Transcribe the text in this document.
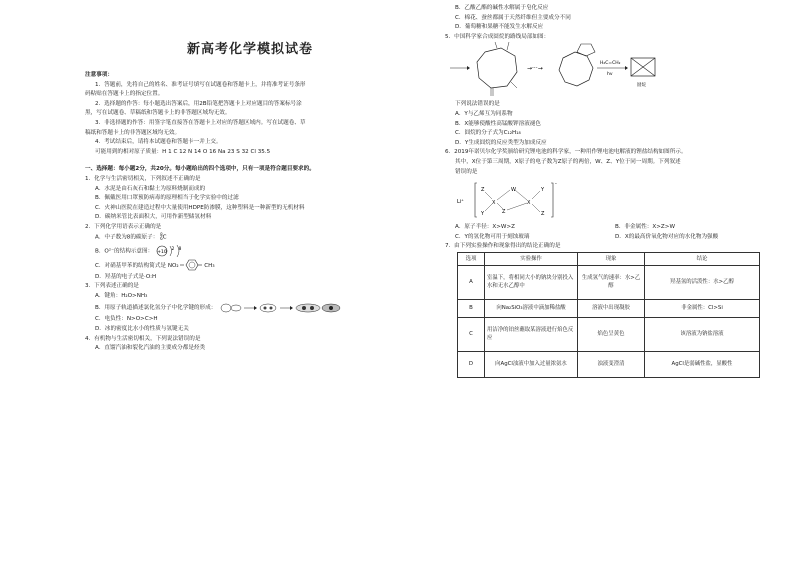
新高考化学模拟试卷
注意事项：
1．答题前，先将自己的姓名、准考证号填写在试题卷和答题卡上，并将准考证号条形
码粘贴在答题卡上的指定位置。
2．选择题的作答：每小题选出答案后，用2B铅笔把答题卡上对应题目的答案标号涂
黑，写在试题卷、草稿纸和答题卡上的非答题区域均无效。
3．非选择题的作答：用签字笔直接答在答题卡上对应的答题区域内。写在试题卷、草
稿纸和答题卡上的非答题区域均无效。
4．考试结束后，请将本试题卷和答题卡一并上交。
可能用到的相对原子质量：H 1 C 12 N 14 O 16 Na 23 S 32 Cl 35.5
一、选择题：每小题2分，共20分。每小题给出的四个选项中，只有一项是符合题目要求的。
1．化学与生活密切相关，下列叙述不正确的是
A．水泥是由石灰石和黏土为原料烧制而成的
B．佩戴医用口罩预防病毒的原理相当于化学实验中的过滤
C．火神山医院在建造过程中大量使用HDPE防渗膜，这种塑料是一种新型的无机材料
D．碳纳米管比表面积大，可用作新型储氢材料
2．下列化学用语表示正确的是
A．中子数为8的碳原子： 8
6 C
B．O²⁻的结构示意图： +10
2 8
C．对硝基甲苯的结构简式是 NO₂	CH₃
D．羟基的电子式是·O:H
3．下列表述正确的是
A．键角：H₂O>NH₃
B．用原子轨道描述氯化氢分子中化学键的形成：
C．电负性：N>O>C>H
D．冰的密度比水小的性质与氢键无关
4．有机物与生活密切相关，下列说法错误的是
A．直馏汽油和裂化汽油的主要成分都是烃类
B．乙酸乙酯的碱性水解属于皂化反应
C．棉花、蚕丝都属于天然纤维但主要成分不同
D．葡萄糖和果糖不能发生水解反应
5．中国科学家合成囧烷的路线局部如图：
→···→
H₂C=CH₂
hv
囧烷
下列说法错误的是
A．Y与乙烯互为同系物
B．X能够使酸性高锰酸钾溶液褪色
C．囧烷的分子式为C₁₂H₁₈
D．Y生成囧烷的反应类型为加成反应
6．2019年诺贝尔化学奖颁给研究锂电池的科学家，一种用作锂电池电解液的锂盐结构如图所示。
其中，X位于第三周期，X原子的电子数为Z原子的两倍，W、Z、Y位于同一周期。下列叙述
错误的是
Li⁺
-
Z
Y
X
W
Z
X
Y
Z
A．原子半径：X>W>Z	B．非金属性：X>Z>W
C．Y的氢化物可用于刻蚀玻璃	D．X的最高价氧化物对应的水化物为强酸
7．由下列实验操作和现象得出的结论正确的是
选项	实验操作	现象	结论
A	室温下，将相同大小的钠块分别投入水和无水乙醇中	生成氢气的速率：水>乙醇	羟基氢的活泼性：水>乙醇
B	向Na₂SiO₃溶液中滴加稀盐酸	溶液中出现凝胶	非金属性：Cl>Si
C	用洁净的铂丝蘸取某溶液进行焰色反应	焰色呈黄色	该溶液为钠盐溶液
D	向AgCl浊液中加入过量浓氨水	浊液变澄清	AgCl是弱碱性盐，显酸性
